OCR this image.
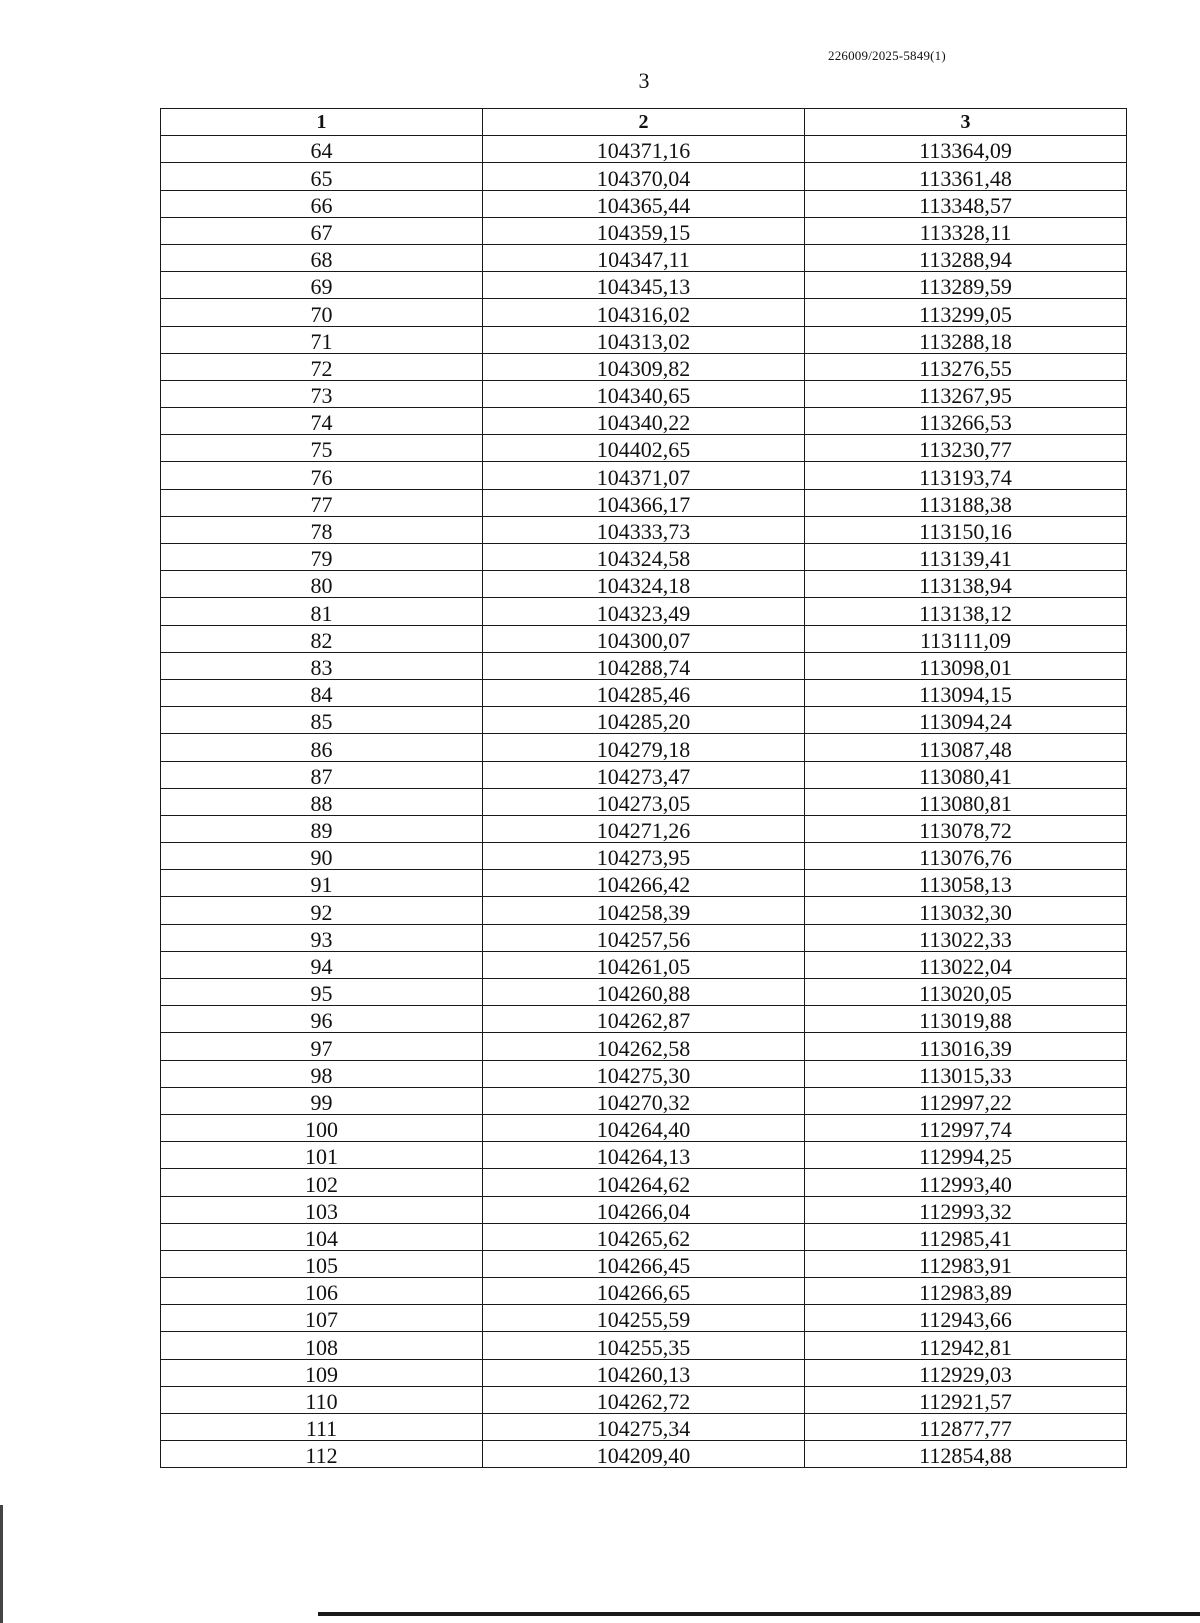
226009/2025-5849(1)
3
1	2	3
64	104371,16	113364,09
65	104370,04	113361,48
66	104365,44	113348,57
67	104359,15	113328,11
68	104347,11	113288,94
69	104345,13	113289,59
70	104316,02	113299,05
71	104313,02	113288,18
72	104309,82	113276,55
73	104340,65	113267,95
74	104340,22	113266,53
75	104402,65	113230,77
76	104371,07	113193,74
77	104366,17	113188,38
78	104333,73	113150,16
79	104324,58	113139,41
80	104324,18	113138,94
81	104323,49	113138,12
82	104300,07	113111,09
83	104288,74	113098,01
84	104285,46	113094,15
85	104285,20	113094,24
86	104279,18	113087,48
87	104273,47	113080,41
88	104273,05	113080,81
89	104271,26	113078,72
90	104273,95	113076,76
91	104266,42	113058,13
92	104258,39	113032,30
93	104257,56	113022,33
94	104261,05	113022,04
95	104260,88	113020,05
96	104262,87	113019,88
97	104262,58	113016,39
98	104275,30	113015,33
99	104270,32	112997,22
100	104264,40	112997,74
101	104264,13	112994,25
102	104264,62	112993,40
103	104266,04	112993,32
104	104265,62	112985,41
105	104266,45	112983,91
106	104266,65	112983,89
107	104255,59	112943,66
108	104255,35	112942,81
109	104260,13	112929,03
110	104262,72	112921,57
111	104275,34	112877,77
112	104209,40	112854,88
